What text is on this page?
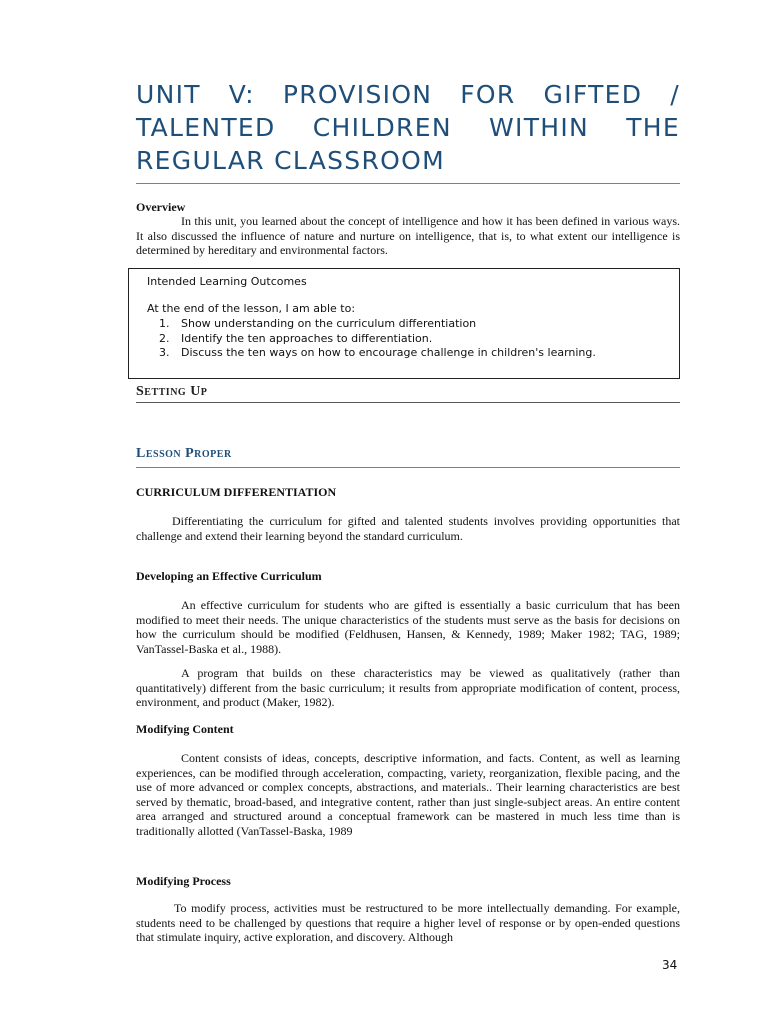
UNIT V: PROVISION FOR GIFTED /
TALENTED CHILDREN WITHIN THE
REGULAR CLASSROOM

Overview

In this unit, you learned about the concept of intelligence and how it has been defined in various ways. It also discussed the influence of nature and nurture on intelligence, that is, to what extent our intelligence is determined by hereditary and environmental factors.

Intended Learning Outcomes
At the end of the lesson, I am able to:
1.	Show understanding on the curriculum differentiation
2.	Identify the ten approaches to differentiation.
3.	Discuss the ten ways on how to encourage challenge in children's learning.
Setting Up
Lesson Proper

CURRICULUM DIFFERENTIATION

Differentiating the curriculum for gifted and talented students involves providing opportunities that challenge and extend their learning beyond the standard curriculum.

Developing an Effective Curriculum

An effective curriculum for students who are gifted is essentially a basic curriculum that has been modified to meet their needs. The unique characteristics of the students must serve as the basis for decisions on how the curriculum should be modified (Feldhusen, Hansen, & Kennedy, 1989; Maker 1982; TAG, 1989; VanTassel-Baska et al., 1988).

A program that builds on these characteristics may be viewed as qualitatively (rather than quantitatively) different from the basic curriculum; it results from appropriate modification of content, process, environment, and product (Maker, 1982).

Modifying Content

Content consists of ideas, concepts, descriptive information, and facts. Content, as well as learning experiences, can be modified through acceleration, compacting, variety, reorganization, flexible pacing, and the use of more advanced or complex concepts, abstractions, and materials.. Their learning characteristics are best served by thematic, broad-based, and integrative content, rather than just single-subject areas. An entire content area arranged and structured around a conceptual framework can be mastered in much less time than is traditionally allotted (VanTassel-Baska, 1989

Modifying Process

To modify process, activities must be restructured to be more intellectually demanding. For example, students need to be challenged by questions that require a higher level of response or by open-ended questions that stimulate inquiry, active exploration, and discovery. Although

34
